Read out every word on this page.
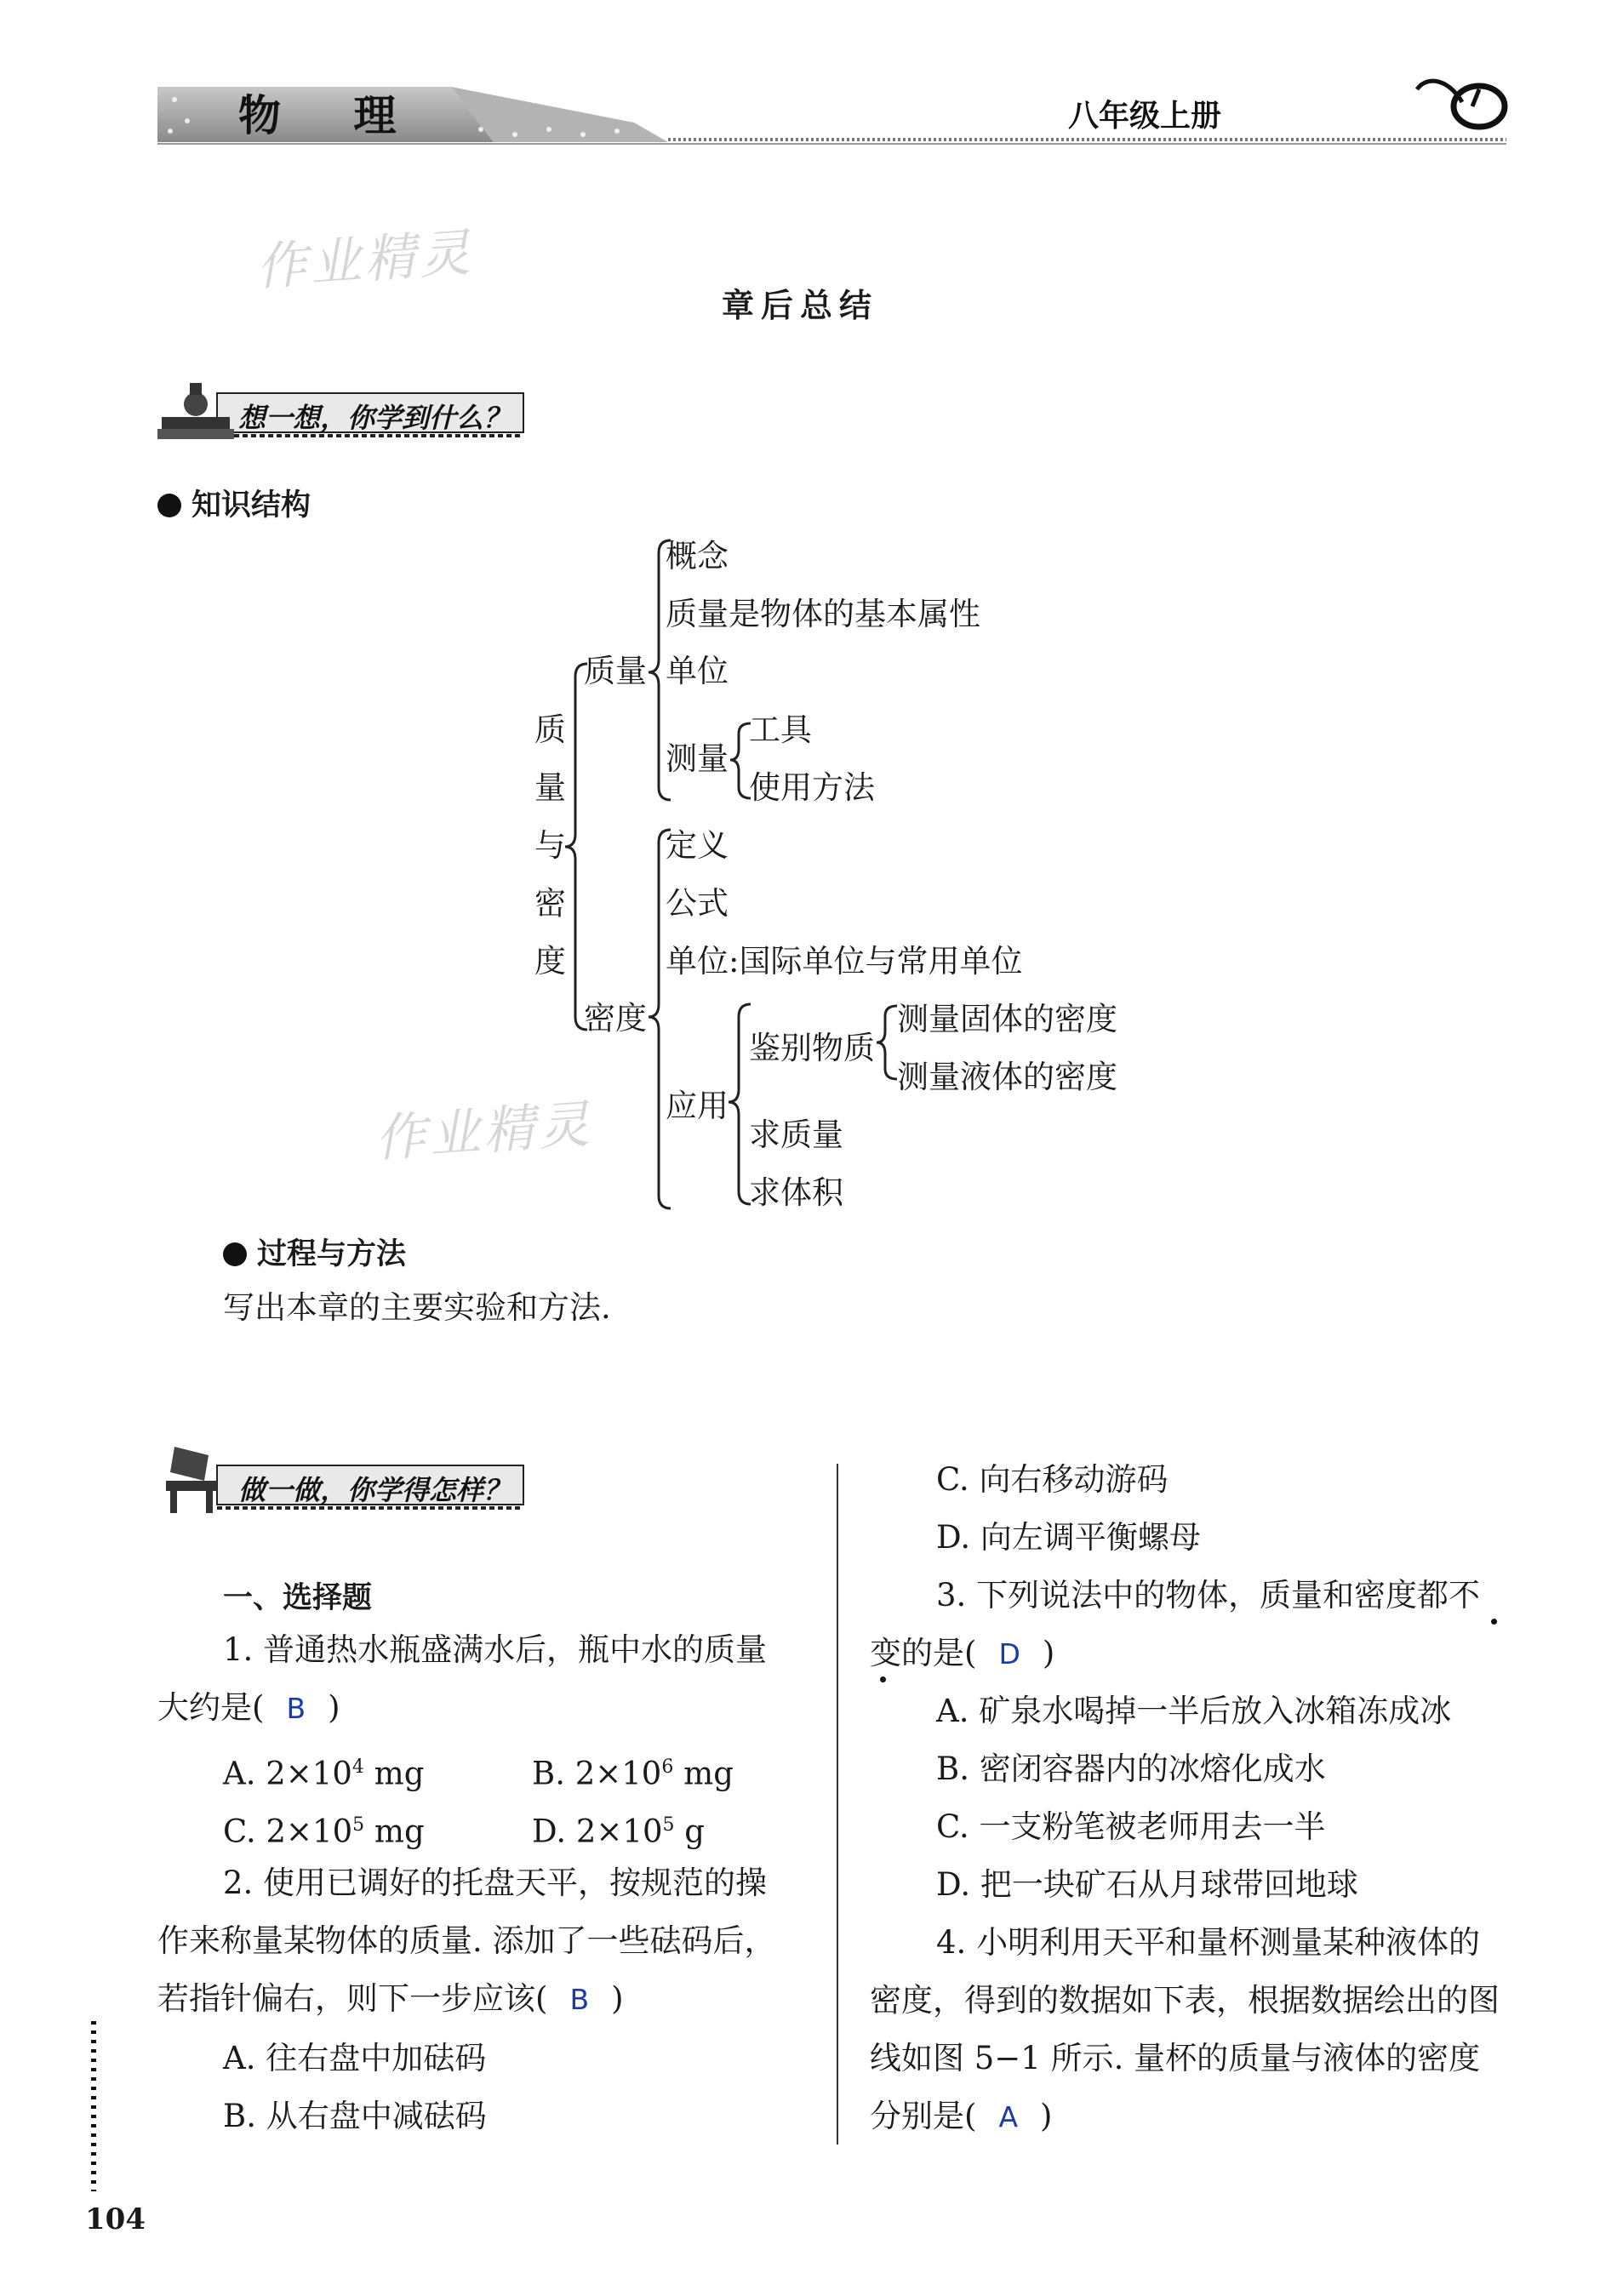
物 理	八年级上册
作业精灵
作业精灵
章后总结
想一想，你学到什么？
知识结构
质
量
与
密
度
质量
概念
质量是物体的基本属性
单位
测量
工具
使用方法
密度
定义
公式
单位:国际单位与常用单位
应用
鉴别物质
求质量
求体积
测量固体的密度
测量液体的密度
过程与方法
写出本章的主要实验和方法.
做一做，你学得怎样？
一、选择题
1. 普通热水瓶盛满水后，瓶中水的质量
大约是( B )
A. $2\times 10^4$ mg	B. $2\times 10^6$ mg
C. $2\times 10^5$ mg	D. $2\times 10^5$ g
2. 使用已调好的托盘天平，按规范的操
作来称量某物体的质量. 添加了一些砝码后，
若指针偏右，则下一步应该( B )
A. 往右盘中加砝码
B. 从右盘中减砝码
C. 向右移动游码
D. 向左调平衡螺母
3. 下列说法中的物体，质量和密度都不
变的是( D )
A. 矿泉水喝掉一半后放入冰箱冻成冰
B. 密闭容器内的冰熔化成水
C. 一支粉笔被老师用去一半
D. 把一块矿石从月球带回地球
4. 小明利用天平和量杯测量某种液体的
密度，得到的数据如下表，根据数据绘出的图
线如图 5−1 所示. 量杯的质量与液体的密度
分别是( A )
104
